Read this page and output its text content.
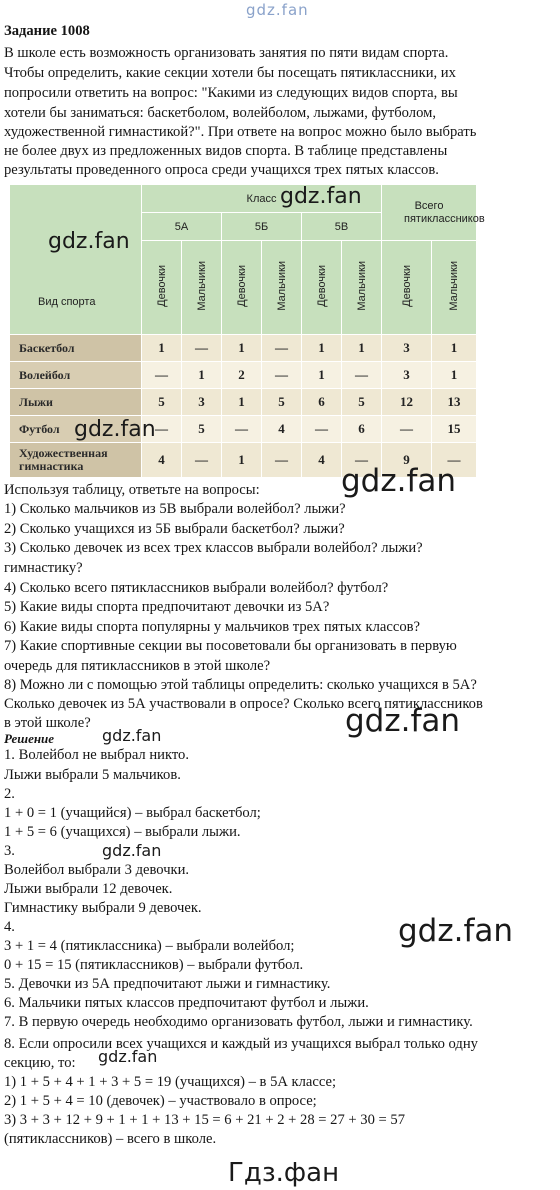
gdz.fan
Задание 1008
В школе есть возможность организовать занятия по пяти видам спорта.
Чтобы определить, какие секции хотели бы посещать пятиклассники, их
попросили ответить на вопрос: "Какими из следующих видов спорта, вы
хотели бы заниматься: баскетболом, волейболом, лыжами, футболом,
художественной гимнастикой?". При ответе на вопрос можно было выбрать
не более двух из предложенных видов спорта. В таблице представлены
результаты проведенного опроса среди учащихся трех пятых классов.
Вид спорта	Класс						Всего пятиклассников	
	5А		5Б		5В			
	Девочки	Мальчики	Девочки	Мальчики	Девочки	Мальчики	Девочки	Мальчики
Баскетбол	1	—	1	—	1	1	3	1
Волейбол	—	1	2	—	1	—	3	1
Лыжи	5	3	1	5	6	5	12	13
Футбол	—	5	—	4	—	6	—	15
Художественная гимнастика	4	—	1	—	4	—	9	—
gdz.fan
gdz.fan
gdz.fan
gdz.fan
Используя таблицу, ответьте на вопросы:
1) Сколько мальчиков из 5В выбрали волейбол? лыжи?
2) Сколько учащихся из 5Б выбрали баскетбол? лыжи?
3) Сколько девочек из всех трех классов выбрали волейбол? лыжи?
гимнастику?
4) Сколько всего пятиклассников выбрали волейбол? футбол?
5) Какие виды спорта предпочитают девочки из 5А?
6) Какие виды спорта популярны у мальчиков трех пятых классов?
7) Какие спортивные секции вы посоветовали бы организовать в первую
очередь для пятиклассников в этой школе?
8) Можно ли с помощью этой таблицы определить: сколько учащихся в 5А?
Сколько девочек из 5А участвовали в опросе? Сколько всего пятиклассников
в этой школе?	gdz.fan
Решение	gdz.fan
1. Волейбол не выбрал никто.
Лыжи выбрали 5 мальчиков.
2.
1 + 0 = 1 (учащийся) – выбрал баскетбол;
1 + 5 = 6 (учащихся) – выбрали лыжи.
3.	gdz.fan
Волейбол выбрали 3 девочки.
Лыжи выбрали 12 девочек.
Гимнастику выбрали 9 девочек.
4.	gdz.fan
3 + 1 = 4 (пятиклассника) – выбрали волейбол;
0 + 15 = 15 (пятиклассников) – выбрали футбол.
5. Девочки из 5А предпочитают лыжи и гимнастику.
6. Мальчики пятых классов предпочитают футбол и лыжи.
7. В первую очередь необходимо организовать футбол, лыжи и гимнастику.
8. Если опросили всех учащихся и каждый из учащихся выбрал только одну
секцию, то: gdz.fan
1) 1 + 5 + 4 + 1 + 3 + 5 = 19 (учащихся) – в 5А классе;
2) 1 + 5 + 4 = 10 (девочек) – участвовало в опросе;
3) 3 + 3 + 12 + 9 + 1 + 1 + 13 + 15 = 6 + 21 + 2 + 28 = 27 + 30 = 57
(пятиклассников) – всего в школе.
Гдз.фан
